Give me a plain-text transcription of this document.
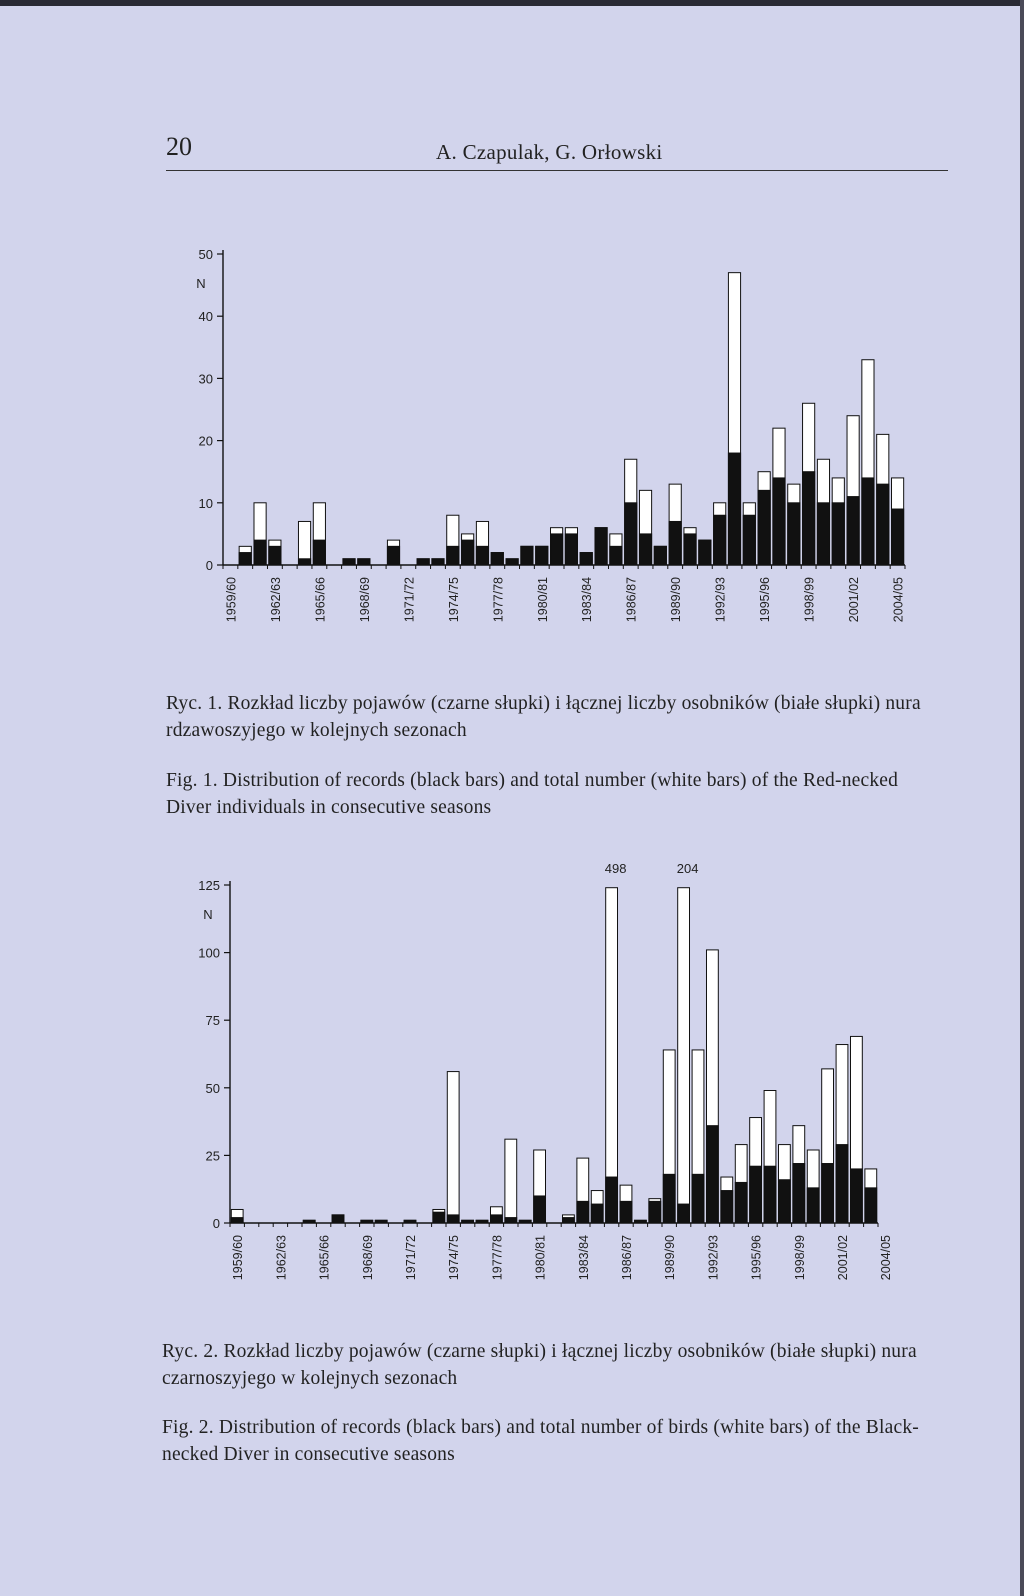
20	A. Czapulak, G. Orłowski
0
10
20
30
40
50
N
1959/60 1962/63 1965/66 1968/69 1971/72 1974/75 1977/78 1980/81 1983/84 1986/87 1989/90 1992/93 1995/96 1998/99 2001/02 2004/05

Ryc. 1. Rozkład liczby pojawów (czarne słupki) i łącznej liczby osobników (białe słupki) nura rdzawoszyjego w kolejnych sezonach

Fig. 1. Distribution of records (black bars) and total number (white bars) of the Red-necked Diver individuals in consecutive seasons

0
25
50
75
100
125
N
1959/60 1962/63 1965/66 1968/69 1971/72 1974/75 1977/78 1980/81 1983/84 1986/87 1989/90 1992/93 1995/96 1998/99 2001/02 2004/05
498	204

Ryc. 2. Rozkład liczby pojawów (czarne słupki) i łącznej liczby osobników (białe słupki) nura czarnoszyjego w kolejnych sezonach

Fig. 2. Distribution of records (black bars) and total number of birds (white bars) of the Black-necked Diver in consecutive seasons
